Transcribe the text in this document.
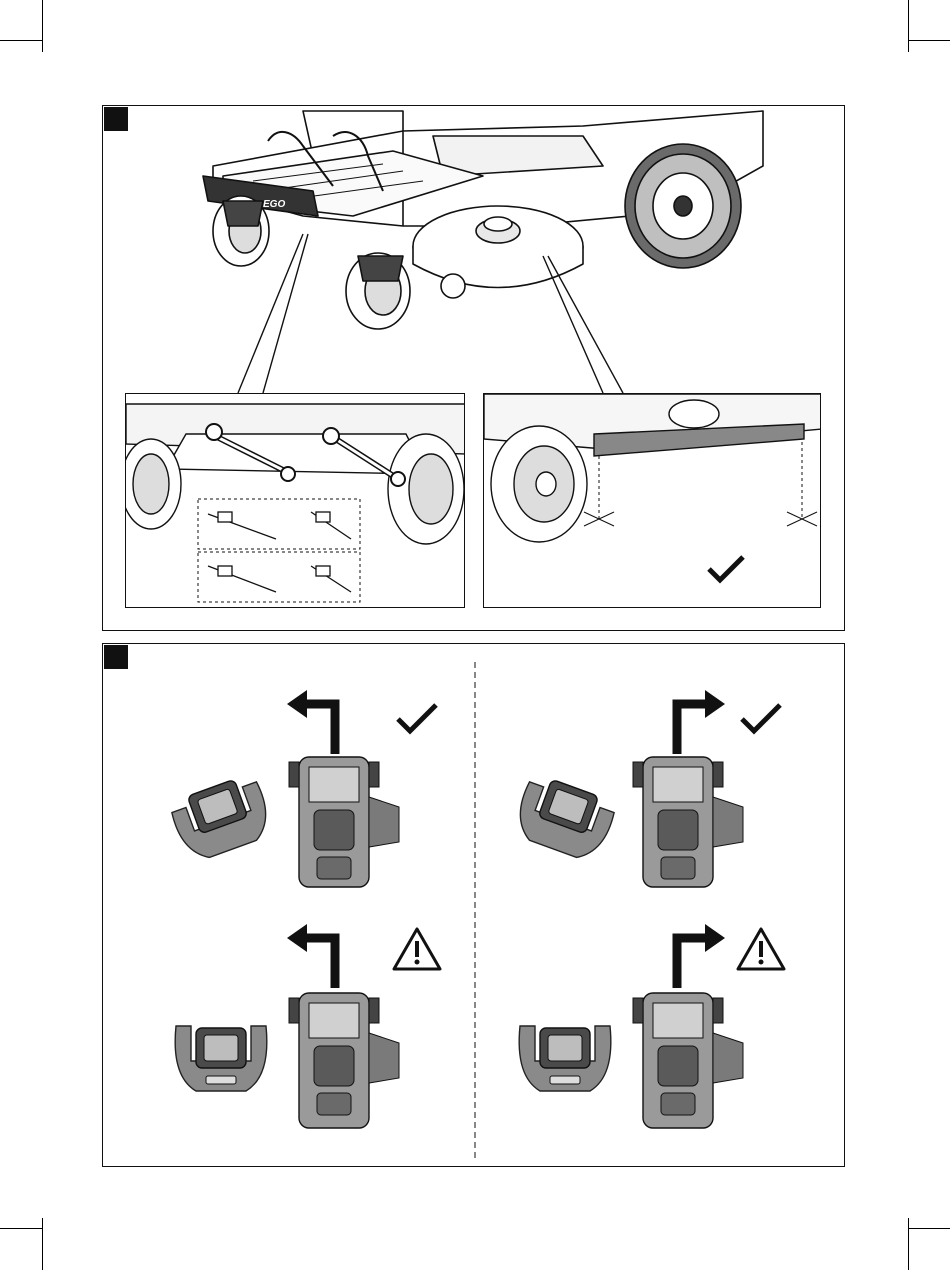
EGO
